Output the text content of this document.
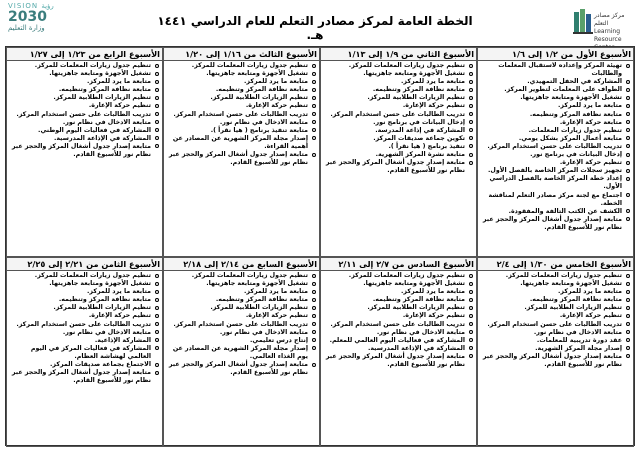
مركز مصادر التعلم
Learning Resource
الخطة العامة لمركز مصادر التعلم للعام الدراسي ١٤٤١ هـ.
VISION رؤية
2030
وزارة التعليم
الأسبوع الأول من ١/٢ إلى ١/٦
تهيئة المركز وإعداده لاستقبال المعلمات والطالبات
المشاركة في الحفل التمهيدي.
الطواف على المعلمات لتطوير المركز.
تشغيل الأجهزة ومتابعة جاهزيتها.
متابعة ما يرد للمركز.
متابعة نظافة المركز وتنظيمه.
متابعة حركة الإعارة.
تنظيم جدول زيارات المعلمات.
متابعة أعمال المركز بشكل يومي.
تدريب الطالبات على حسن استخدام المركز.
إدخال البيانات في برنامج نور.
تنظيم حركة الإعارة.
تجهيز سجلات المركز الخاصة بالفصل الأول.
إعداد خطة المركز الخاصة بالفصل الدراسي الأول.
اجتماع مع لجنة مركز مصادر التعلم لمناقشة الخطة.
الكشف عن الكتب التالفة والمفقودة.
متابعة إصدار جدول أشغال المركز والحجز عبر نظام نور للأسبوع القادم.
الأسبوع الثاني من ١/٩ إلى ١/١٣
تنظيم جدول زيارات المعلمات للمركز.
تشغيل الأجهزة ومتابعة جاهزيتها.
متابعة ما يرد للمركز.
متابعة نظافة المركز وتنظيمه.
تنظيم الزيارات الطلابية للمركز.
تنظيم حركة الإعارة.
تدريب الطالبات على حسن استخدام المركز.
إدخال البيانات في برنامج نور.
المشاركة في إذاعة المدرسة.
تكوين جماعة صديقات المركز.
تنفيذ برنامج ( هيا نقرأ ).
متابعة نشرة المركز الشهرية.
متابعة إصدار جدول أشغال المركز والحجز عبر نظام نور للأسبوع القادم.
الأسبوع الثالث من ١/١٦ إلى ١/٢٠
تنظيم جدول زيارات المعلمات للمركز.
تشغيل الأجهزة ومتابعة جاهزيتها.
متابعة ما يرد للمركز.
متابعة نظافة المركز وتنظيمه.
تنظيم الزيارات الطلابية للمركز.
تنظيم حركة الإعارة.
تدريب الطالبات على حسن استخدام المركز.
متابعة الادخال في نظام نور.
متابعة تنفيذ برنامج ( هيا نقرأ ).
إصدار مجلة المركز الشهرية عن المصادر عن أهمية القراءة.
متابعة إصدار جدول أشغال المركز والحجز عبر نظام نور للأسبوع القادم.
الأسبوع الرابع من ١/٢٣ إلى ١/٢٧
تنظيم جدول زيارات المعلمات للمركز.
تشغيل الأجهزة ومتابعة جاهزيتها.
متابعة ما يرد للمركز.
متابعة نظافة المركز وتنظيمه.
تنظيم الزيارات الطلابية للمركز.
تنظيم حركة الإعارة.
تدريب الطالبات على حسن استخدام المركز.
متابعة الادخال في نظام نور.
المشاركة في فعاليات اليوم الوطني.
المشاركة في الإذاعة المدرسية.
متابعة إصدار جدول أشغال المركز والحجز عبر نظام نور للأسبوع القادم.
الأسبوع الخامس من ١/٣٠ إلى ٢/٤
تنظيم جدول زيارات المعلمات للمركز.
تشغيل الأجهزة ومتابعة جاهزيتها.
متابعة ما يرد للمركز.
متابعة نظافة المركز وتنظيمه.
تنظيم الزيارات الطلابية للمركز.
تنظيم حركة الإعارة.
تدريب الطالبات على حسن استخدام المركز.
متابعة الادخال في نظام نور.
عقد دورة تدريبية للمعلمات.
إصدار مجلة المركز الشهرية.
متابعة إصدار جدول أشغال المركز والحجز عبر نظام نور للأسبوع القادم.
الأسبوع السادس من ٢/٧ إلى ٢/١١
تنظيم جدول زيارات المعلمات للمركز.
تشغيل الأجهزة ومتابعة جاهزيتها.
متابعة ما يرد للمركز.
متابعة نظافة المركز وتنظيمه.
تنظيم الزيارات الطلابية للمركز.
تنظيم حركة الإعارة.
تدريب الطالبات على حسن استخدام المركز.
متابعة الادخال في نظام نور.
المشاركة في فعاليات اليوم العالمي للمعلم.
المشاركة في الإذاعة المدرسية.
متابعة إصدار جدول أشغال المركز والحجز عبر نظام نور للأسبوع القادم.
الأسبوع السابع من ٢/١٤ إلى ٢/١٨
تنظيم جدول زيارات المعلمات للمركز.
تشغيل الأجهزة ومتابعة جاهزيتها.
متابعة ما يرد للمركز.
متابعة نظافة المركز وتنظيمه.
تنظيم الزيارات الطلابية للمركز.
تنظيم حركة الإعارة.
تدريب الطالبات على حسن استخدام المركز.
متابعة الادخال في نظام نور.
إنتاج درس تعليمي.
إصدار مجلة المركز الشهرية عن المصادر عن يوم الغذاء العالمي.
متابعة إصدار جدول أشغال المركز والحجز عبر نظام نور للأسبوع القادم.
الأسبوع الثامن من ٢/٢١ إلى ٢/٢٥
تنظيم جدول زيارات المعلمات للمركز.
تشغيل الأجهزة ومتابعة جاهزيتها.
متابعة ما يرد للمركز.
متابعة نظافة المركز وتنظيمه.
تنظيم الزيارات الطلابية للمركز.
تنظيم حركة الإعارة.
تدريب الطالبات على حسن استخدام المركز.
متابعة الادخال في نظام نور.
المشاركة الإذاعية.
المشاركة في فعاليات المركز في اليوم العالمي لهشاشة العظام.
الاجتماع بجماعة صديقات المركز.
متابعة إصدار جدول أشغال المركز والحجز عبر نظام نور للأسبوع القادم.
